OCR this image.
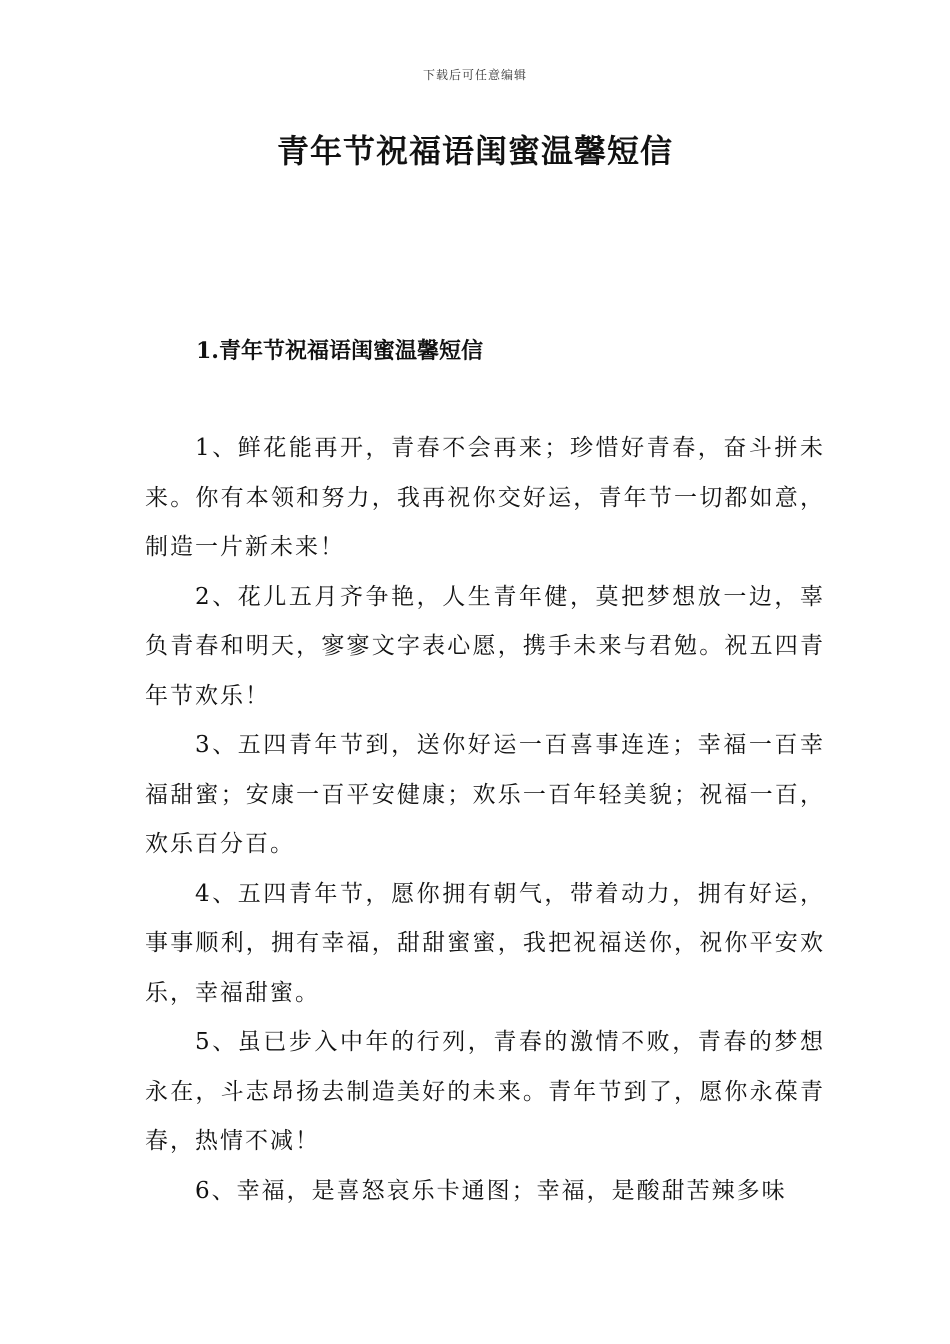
下载后可任意编辑
青年节祝福语闺蜜温馨短信
1.青年节祝福语闺蜜温馨短信

1、鲜花能再开，青春不会再来；珍惜好青春，奋斗拼未来。你有本领和努力，我再祝你交好运，青年节一切都如意，制造一片新未来！

2、花儿五月齐争艳，人生青年健，莫把梦想放一边，辜负青春和明天，寥寥文字表心愿，携手未来与君勉。祝五四青年节欢乐！

3、五四青年节到，送你好运一百喜事连连；幸福一百幸福甜蜜；安康一百平安健康；欢乐一百年轻美貌；祝福一百，欢乐百分百。

4、五四青年节，愿你拥有朝气，带着动力，拥有好运，事事顺利，拥有幸福，甜甜蜜蜜，我把祝福送你，祝你平安欢乐，幸福甜蜜。

5、虽已步入中年的行列，青春的激情不败，青春的梦想永在，斗志昂扬去制造美好的未来。青年节到了，愿你永葆青春，热情不减！

6、幸福，是喜怒哀乐卡通图；幸福，是酸甜苦辣多味
